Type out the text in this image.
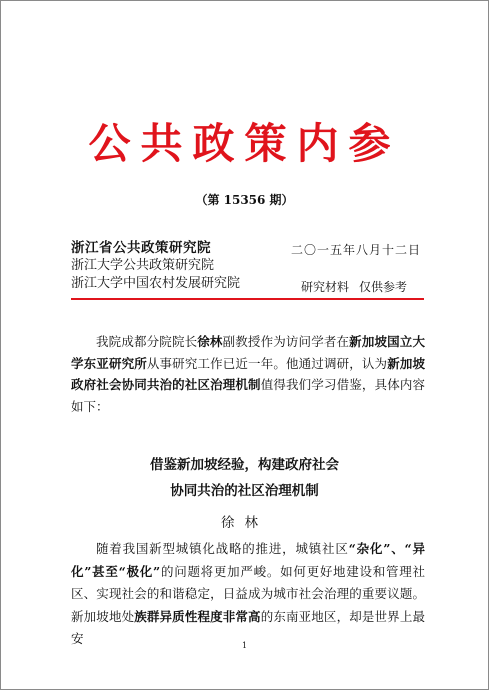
公共政策内参
（第 15356 期）
浙江省公共政策研究院
浙江大学公共政策研究院
浙江大学中国农村发展研究院
二〇一五年八月十二日
研究材料 仅供参考

我院成都分院院长徐林副教授作为访问学者在新加坡国立大学东亚研究所从事研究工作已近一年。他通过调研，认为新加坡政府社会协同共治的社区治理机制值得我们学习借鉴，具体内容如下：

借鉴新加坡经验，构建政府社会
协同共治的社区治理机制
徐林

随着我国新型城镇化战略的推进，城镇社区“杂化”、“异化”甚至“极化”的问题将更加严峻。如何更好地建设和管理社区、实现社会的和谐稳定，日益成为城市社会治理的重要议题。新加坡地处族群异质性程度非常高的东南亚地区，却是世界上最安	1
